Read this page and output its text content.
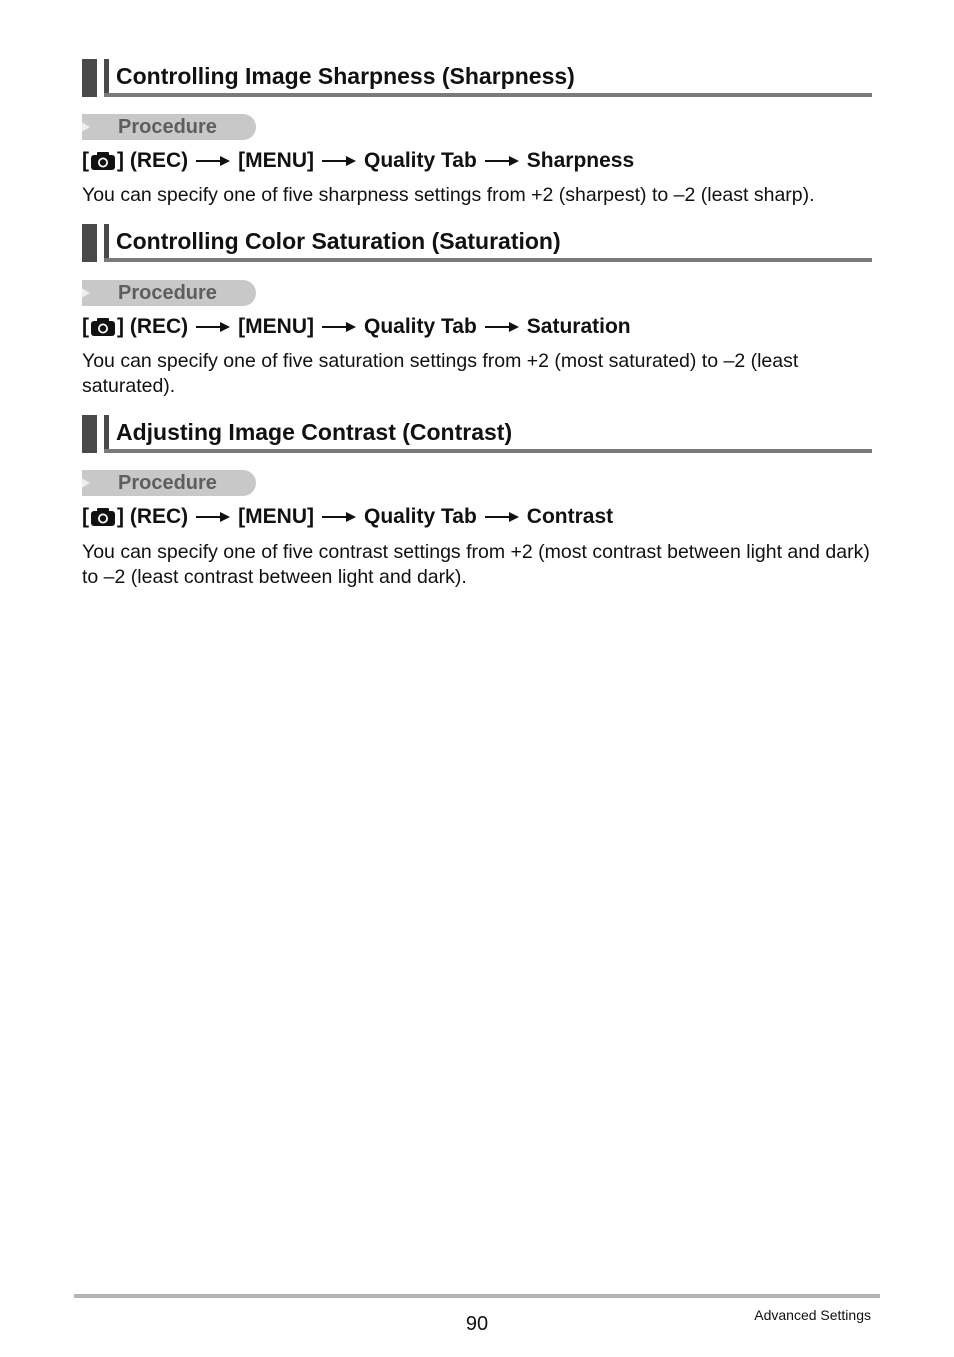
Controlling Image Sharpness (Sharpness)
Procedure
[ ] (REC) [MENU] Quality Tab Sharpness
You can specify one of five sharpness settings from +2 (sharpest) to –2 (least sharp).
Controlling Color Saturation (Saturation)
Procedure
[ ] (REC) [MENU] Quality Tab Saturation
You can specify one of five saturation settings from +2 (most saturated) to –2 (least saturated).
Adjusting Image Contrast (Contrast)
Procedure
[ ] (REC) [MENU] Quality Tab Contrast
You can specify one of five contrast settings from +2 (most contrast between light and dark) to –2 (least contrast between light and dark).
90	Advanced Settings
